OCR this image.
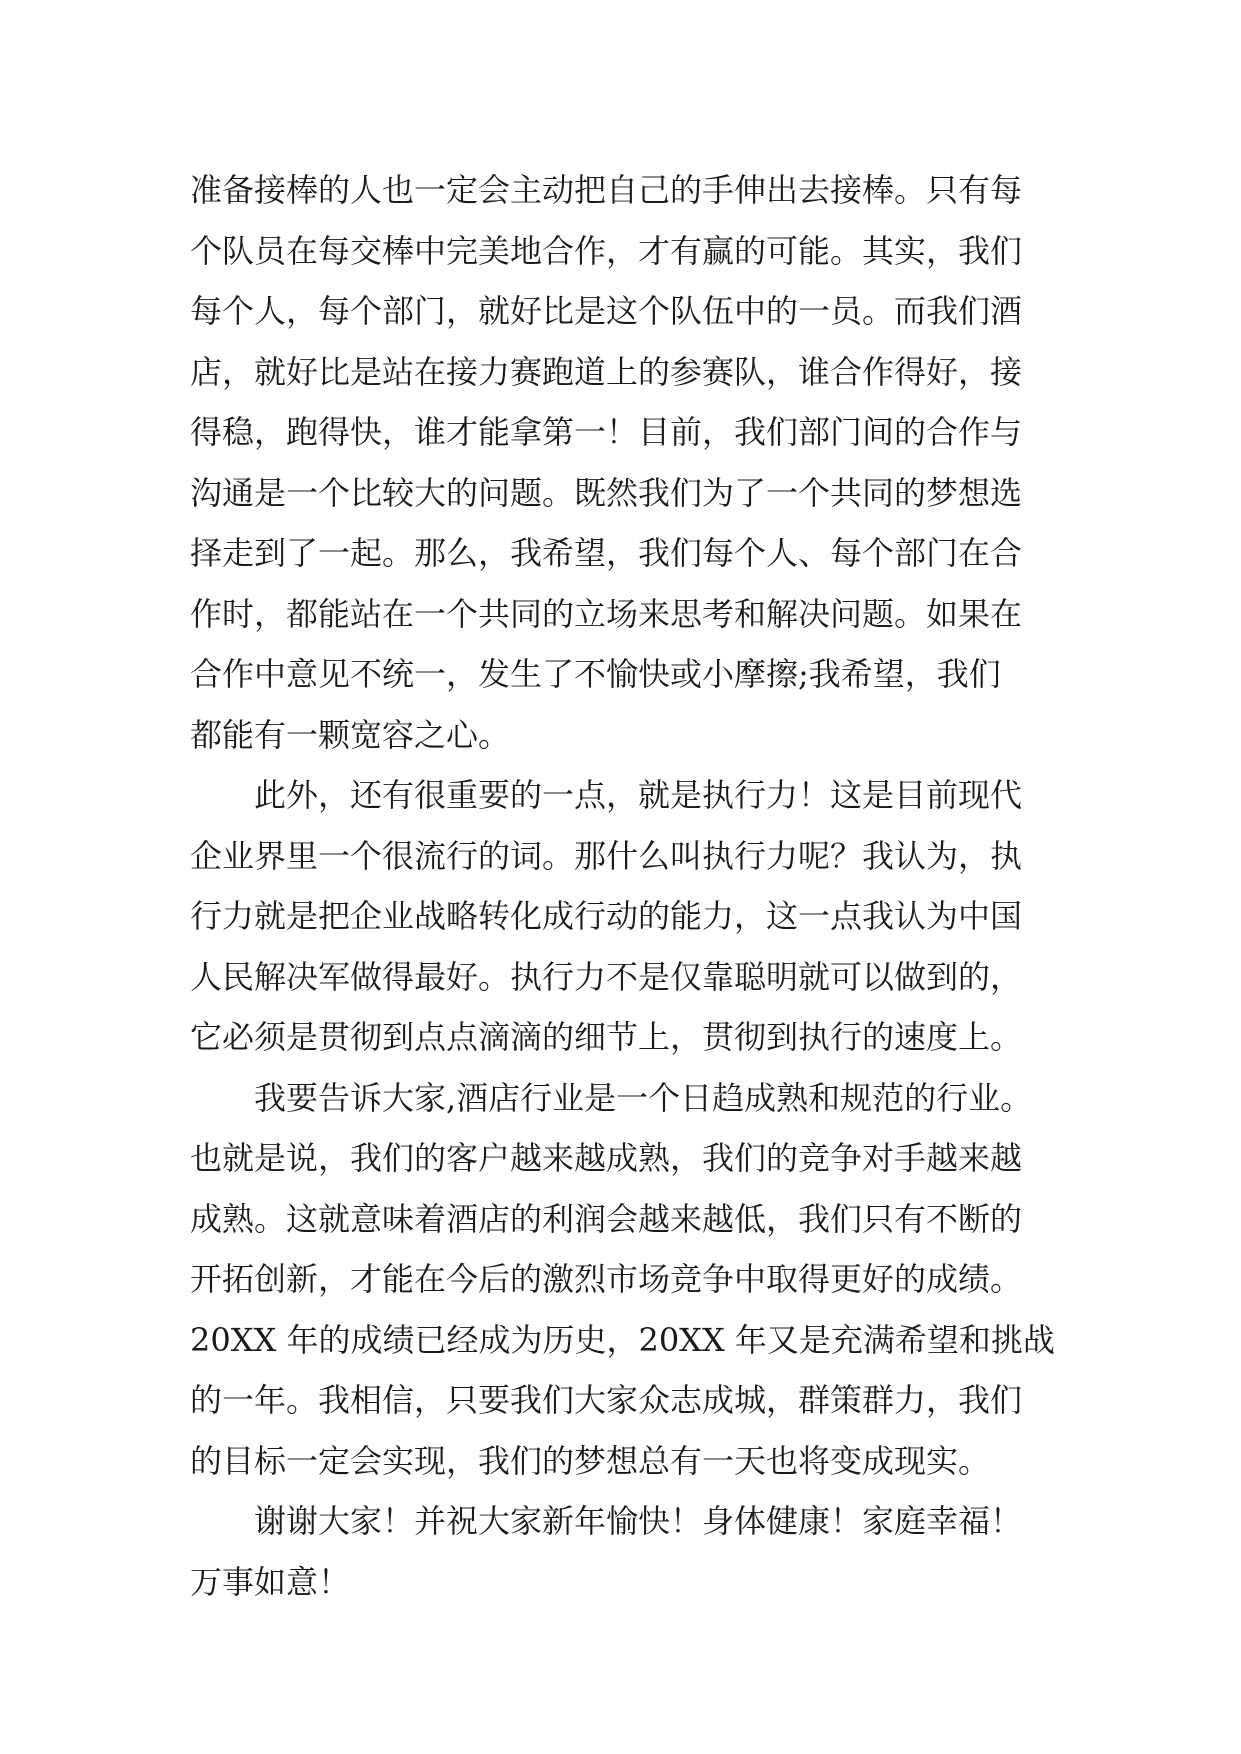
准备接棒的人也一定会主动把自己的手伸出去接棒。只有每
个队员在每交棒中完美地合作，才有赢的可能。其实，我们
每个人，每个部门，就好比是这个队伍中的一员。而我们酒
店，就好比是站在接力赛跑道上的参赛队，谁合作得好，接
得稳，跑得快，谁才能拿第一！目前，我们部门间的合作与
沟通是一个比较大的问题。既然我们为了一个共同的梦想选
择走到了一起。那么，我希望，我们每个人、每个部门在合
作时，都能站在一个共同的立场来思考和解决问题。如果在
合作中意见不统一，发生了不愉快或小摩擦;我希望，我们
都能有一颗宽容之心。
此外，还有很重要的一点，就是执行力！这是目前现代
企业界里一个很流行的词。那什么叫执行力呢？我认为，执
行力就是把企业战略转化成行动的能力，这一点我认为中国
人民解决军做得最好。执行力不是仅靠聪明就可以做到的，
它必须是贯彻到点点滴滴的细节上，贯彻到执行的速度上。
我要告诉大家,酒店行业是一个日趋成熟和规范的行业。
也就是说，我们的客户越来越成熟，我们的竞争对手越来越
成熟。这就意味着酒店的利润会越来越低，我们只有不断的
开拓创新，才能在今后的激烈市场竞争中取得更好的成绩。
20XX 年的成绩已经成为历史，20XX 年又是充满希望和挑战
的一年。我相信，只要我们大家众志成城，群策群力，我们
的目标一定会实现，我们的梦想总有一天也将变成现实。
谢谢大家！并祝大家新年愉快！身体健康！家庭幸福！
万事如意！
